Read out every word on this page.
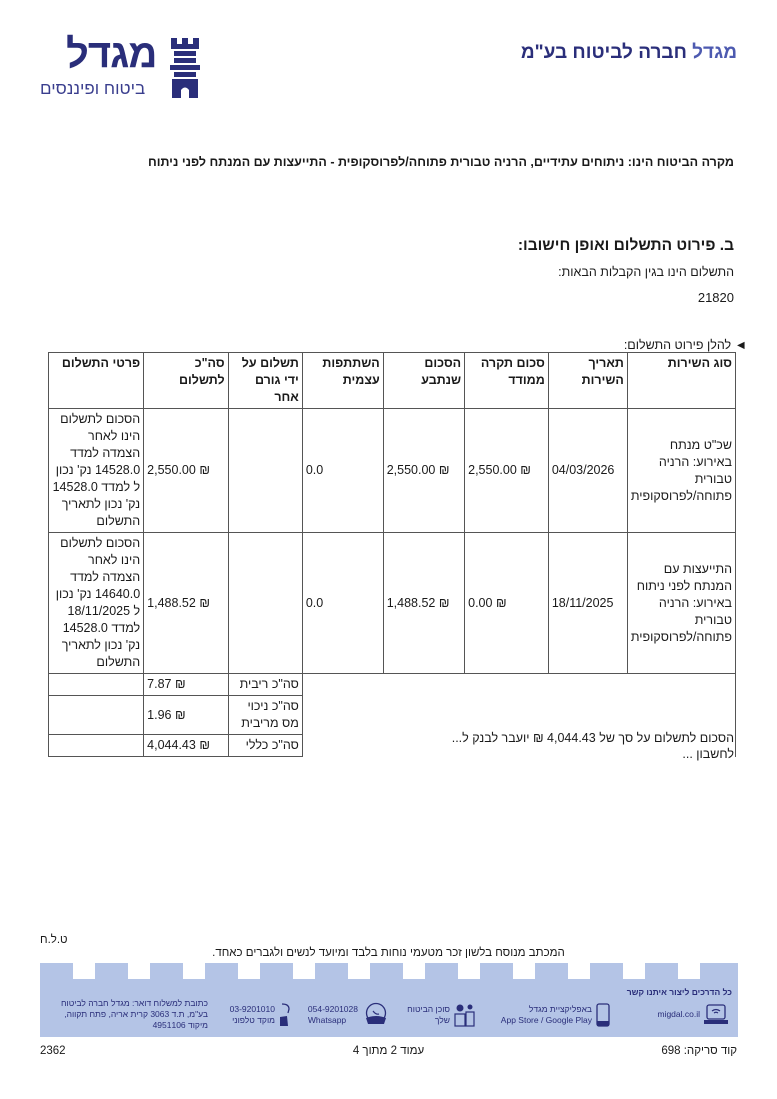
מגדל
ביטוח ופיננסים
מגדל חברה לביטוח בע"מ
מקרה הביטוח הינו: ניתוחים עתידיים, הרניה טבורית פתוחה/לפרוסקופית - התייעצות עם המנתח לפני ניתוח
ב. פירוט התשלום ואופן חישובו:
התשלום הינו בגין הקבלות הבאות:
21820
◄ להלן פירוט התשלום:
סוג השירות	תאריך השירות	סכום תקרה ממודד	הסכום שנתבע	השתתפות עצמית	תשלום על ידי גורם אחר	סה"כ לתשלום	פרטי התשלום
שכ"ט מנתח באירוע: הרניה טבורית פתוחה/לפרוסקופית	04/03/2026	₪ 2,550.00	₪ 2,550.00	0.0		₪ 2,550.00	הסכום לתשלום הינו לאחר הצמדה למדד 14528.0 נק' נכון ל למדד 14528.0 נק' נכון לתאריך התשלום
התייעצות עם המנתח לפני ניתוח באירוע: הרניה טבורית פתוחה/לפרוסקופית	18/11/2025	₪ 0.00	₪ 1,488.52	0.0		₪ 1,488.52	הסכום לתשלום הינו לאחר הצמדה למדד 14640.0 נק' נכון ל 18/11/2025 למדד 14528.0 נק' נכון לתאריך התשלום
					סה"כ ריבית	₪ 7.87	
					סה"כ ניכוי מס מריבית	₪ 1.96	
					סה"כ כללי	₪ 4,044.43		הסכום לתשלום על סך של 4,044.43 ₪ יועבר לבנק ל...
לחשבון ...
ט.ל.ח
המכתב מנוסח בלשון זכר מטעמי נוחות בלבד ומיועד לנשים ולגברים כאחד.
כל הדרכים ליצור איתנו קשר
migdal.co.il
באפליקציית מגדל
App Store / Google Play
סוכן הביטוח
שלך
054-9201028
Whatsapp
03-9201010
מוקד טלפוני
כתובת למשלוח דואר: מגדל חברה לביטוח
בע"מ, ת.ד 3063 קרית אריה, פתח תקווה,
מיקוד 4951106
קוד סריקה: 698
עמוד 2 מתוך 4
2362
